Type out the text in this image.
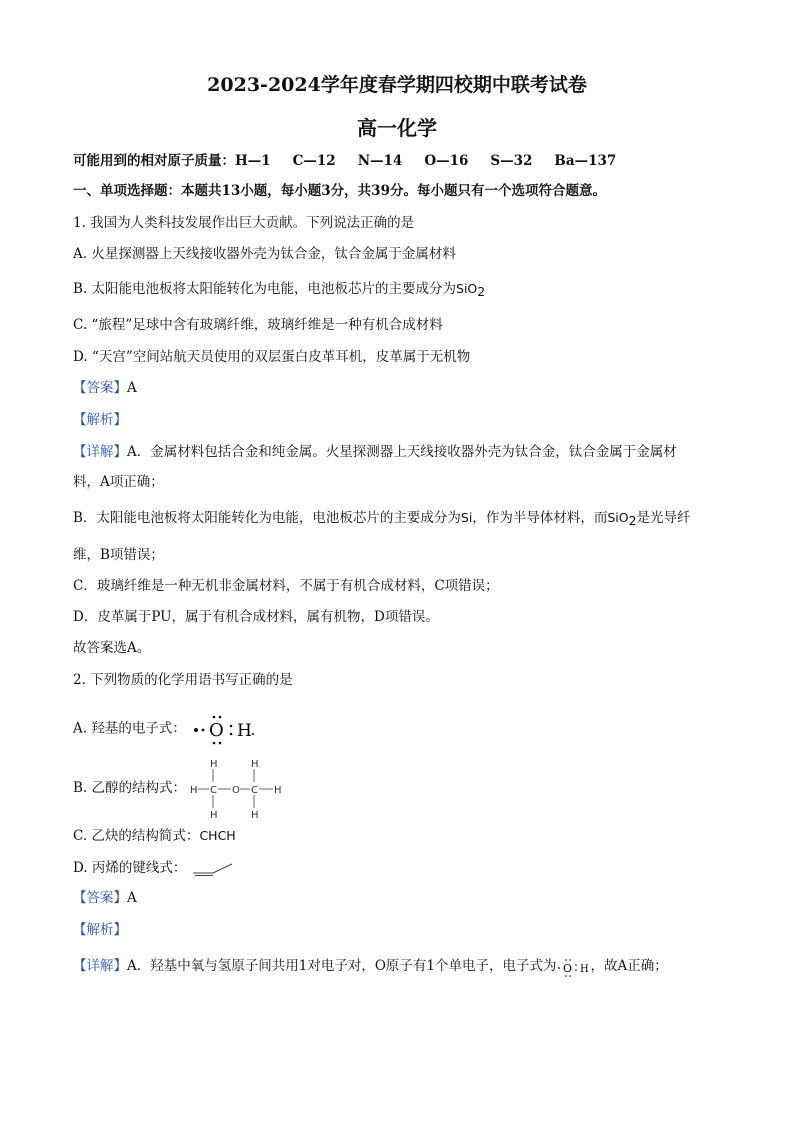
2023-2024学年度春学期四校期中联考试卷
高一化学
可能用到的相对原子质量：H—1 C—12 N—14 O—16 S—32 Ba—137
一、单项选择题：本题共13小题，每小题3分，共39分。每小题只有一个选项符合题意。
1. 我国为人类科技发展作出巨大贡献。下列说法正确的是
A. 火星探测器上天线接收器外壳为钛合金，钛合金属于金属材料
B. 太阳能电池板将太阳能转化为电能，电池板芯片的主要成分为SiO$_2$
C. “旅程”足球中含有玻璃纤维，玻璃纤维是一种有机合成材料
D. “天宫”空间站航天员使用的双层蛋白皮革耳机，皮革属于无机物
【答案】A
【解析】
【详解】A．金属材料包括合金和纯金属。火星探测器上天线接收器外壳为钛合金，钛合金属于金属材
料，A项正确；
B．太阳能电池板将太阳能转化为电能，电池板芯片的主要成分为Si，作为半导体材料，而SiO$_2$是光导纤
维，B项错误；
C．玻璃纤维是一种无机非金属材料，不属于有机合成材料，C项错误；
D．皮革属于PU，属于有机合成材料，属有机物，D项错误。
故答案选A。
2. 下列物质的化学用语书写正确的是
A. 羟基的电子式： O H
B. 乙醇的结构式： H
H
C
H
O
H
C
H
H
C. 乙炔的结构简式：CHCH
D. 丙烯的键线式：
【答案】A
【解析】
【详解】A．羟基中氧与氢原子间共用1对电子对，O原子有1个单电子，电子式为 O H ，故A正确；
